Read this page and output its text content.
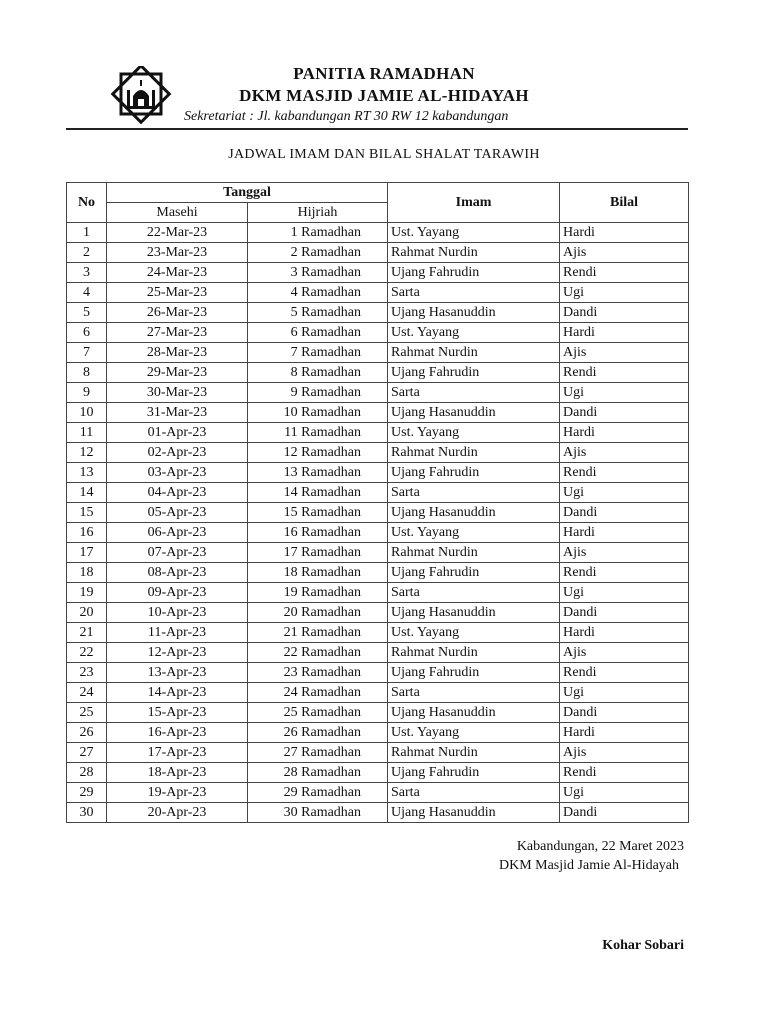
PANITIA RAMADHAN
DKM MASJID JAMIE AL-HIDAYAH
Sekretariat : Jl. kabandungan RT 30 RW 12 kabandungan
JADWAL IMAM DAN BILAL SHALAT TARAWIH
No	Tanggal		Imam	Bilal
	Masehi	Hijriah		
1	22-Mar-23	1 Ramadhan	Ust. Yayang	Hardi
2	23-Mar-23	2 Ramadhan	Rahmat Nurdin	Ajis
3	24-Mar-23	3 Ramadhan	Ujang Fahrudin	Rendi
4	25-Mar-23	4 Ramadhan	Sarta	Ugi
5	26-Mar-23	5 Ramadhan	Ujang Hasanuddin	Dandi
6	27-Mar-23	6 Ramadhan	Ust. Yayang	Hardi
7	28-Mar-23	7 Ramadhan	Rahmat Nurdin	Ajis
8	29-Mar-23	8 Ramadhan	Ujang Fahrudin	Rendi
9	30-Mar-23	9 Ramadhan	Sarta	Ugi
10	31-Mar-23	10 Ramadhan	Ujang Hasanuddin	Dandi
11	01-Apr-23	11 Ramadhan	Ust. Yayang	Hardi
12	02-Apr-23	12 Ramadhan	Rahmat Nurdin	Ajis
13	03-Apr-23	13 Ramadhan	Ujang Fahrudin	Rendi
14	04-Apr-23	14 Ramadhan	Sarta	Ugi
15	05-Apr-23	15 Ramadhan	Ujang Hasanuddin	Dandi
16	06-Apr-23	16 Ramadhan	Ust. Yayang	Hardi
17	07-Apr-23	17 Ramadhan	Rahmat Nurdin	Ajis
18	08-Apr-23	18 Ramadhan	Ujang Fahrudin	Rendi
19	09-Apr-23	19 Ramadhan	Sarta	Ugi
20	10-Apr-23	20 Ramadhan	Ujang Hasanuddin	Dandi
21	11-Apr-23	21 Ramadhan	Ust. Yayang	Hardi
22	12-Apr-23	22 Ramadhan	Rahmat Nurdin	Ajis
23	13-Apr-23	23 Ramadhan	Ujang Fahrudin	Rendi
24	14-Apr-23	24 Ramadhan	Sarta	Ugi
25	15-Apr-23	25 Ramadhan	Ujang Hasanuddin	Dandi
26	16-Apr-23	26 Ramadhan	Ust. Yayang	Hardi
27	17-Apr-23	27 Ramadhan	Rahmat Nurdin	Ajis
28	18-Apr-23	28 Ramadhan	Ujang Fahrudin	Rendi
29	19-Apr-23	29 Ramadhan	Sarta	Ugi
30	20-Apr-23	30 Ramadhan	Ujang Hasanuddin	Dandi
Kabandungan, 22 Maret 2023
DKM Masjid Jamie Al-Hidayah
Kohar Sobari
